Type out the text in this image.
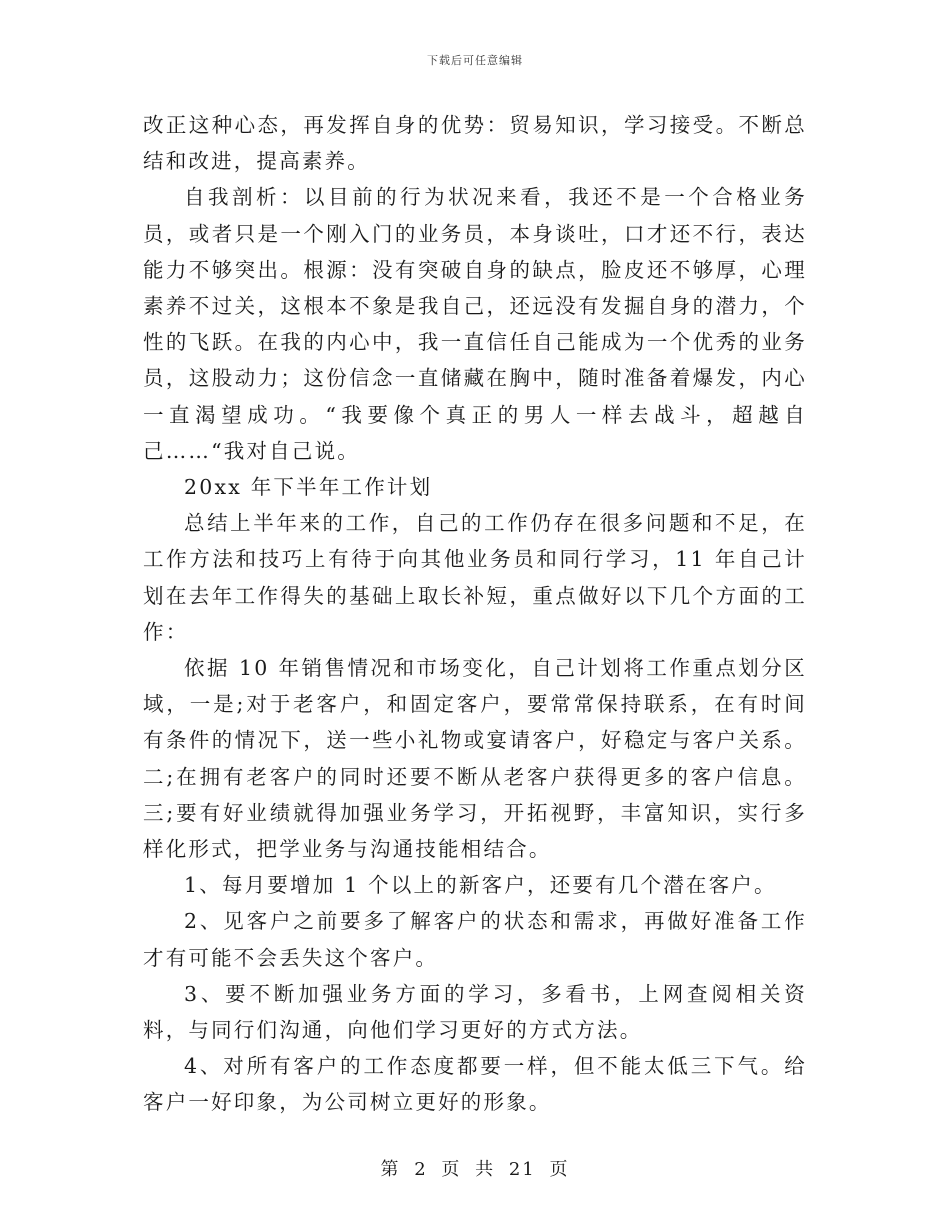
下载后可任意编辑

改正这种心态，再发挥自身的优势：贸易知识，学习接受。不断总结和改进，提高素养。

自我剖析：以目前的行为状况来看，我还不是一个合格业务员，或者只是一个刚入门的业务员，本身谈吐，口才还不行，表达能力不够突出。根源：没有突破自身的缺点，脸皮还不够厚，心理素养不过关，这根本不象是我自己，还远没有发掘自身的潜力，个性的飞跃。在我的内心中，我一直信任自己能成为一个优秀的业务员，这股动力；这份信念一直储藏在胸中，随时准备着爆发，内心一直渴望成功。“我要像个真正的男人一样去战斗，超越自己……“我对自己说。

20xx 年下半年工作计划

总结上半年来的工作，自己的工作仍存在很多问题和不足，在工作方法和技巧上有待于向其他业务员和同行学习，11 年自己计划在去年工作得失的基础上取长补短，重点做好以下几个方面的工作：

依据 10 年销售情况和市场变化，自己计划将工作重点划分区域，一是;对于老客户，和固定客户，要常常保持联系，在有时间有条件的情况下，送一些小礼物或宴请客户，好稳定与客户关系。二;在拥有老客户的同时还要不断从老客户获得更多的客户信息。三;要有好业绩就得加强业务学习，开拓视野，丰富知识，实行多样化形式，把学业务与沟通技能相结合。

1、每月要增加 1 个以上的新客户，还要有几个潜在客户。

2、见客户之前要多了解客户的状态和需求，再做好准备工作才有可能不会丢失这个客户。

3、要不断加强业务方面的学习，多看书，上网查阅相关资料，与同行们沟通，向他们学习更好的方式方法。

4、对所有客户的工作态度都要一样，但不能太低三下气。给客户一好印象，为公司树立更好的形象。

第 2 页 共 21 页
